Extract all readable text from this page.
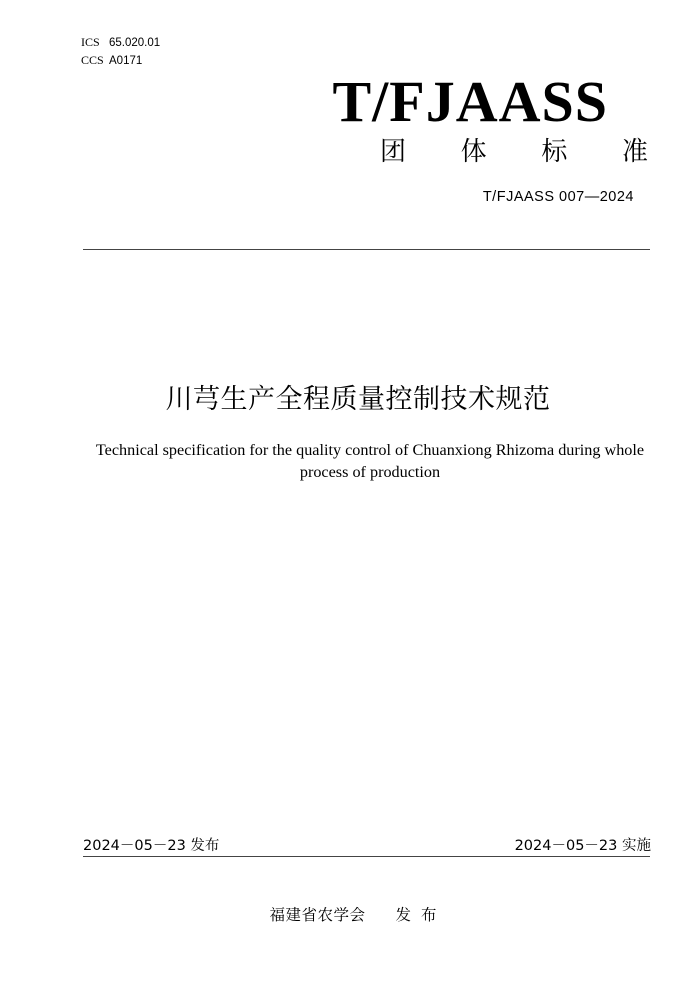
ICS 65.020.01
CCS A0171
T/FJAASS
团 体 标 准
T/FJAASS 007—2024
川芎生产全程质量控制技术规范
Technical specification for the quality control of Chuanxiong Rhizoma during whole
process of production
2024－05－23 发布	2024－05－23 实施
福建省农学会 发布
